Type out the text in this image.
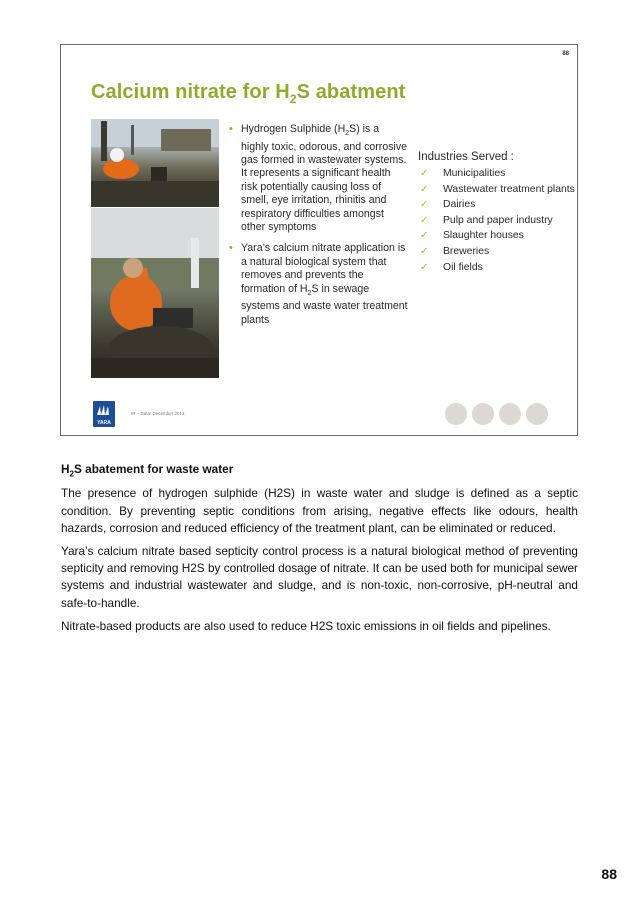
88
Calcium nitrate for $H_2S$ abatment
• Hydrogen Sulphide $(H_2S)$ is a highly toxic, odorous, and corrosive gas formed in wastewater systems. It represents a significant health risk potentially causing loss of smell, eye irritation, rhinitis and respiratory difficulties amongst other symptoms
• Yara’s calcium nitrate application is a natural biological system that removes and prevents the formation of $H_2S$ in sewage systems and waste water treatment plants
Industries Served :
✓ Municipalities
✓ Wastewater treatment plants
✓ Dairies
✓ Pulp and paper industry
✓ Slaughter houses
✓ Breweries
✓ Oil fields
YARA
IR – Data: December 2012
$H_2S$ abatement for waste water

The presence of hydrogen sulphide (H2S) in waste water and sludge is defined as a septic condition. By preventing septic conditions from arising, negative effects like odours, health hazards, corrosion and reduced efficiency of the treatment plant, can be eliminated or reduced.

Yara’s calcium nitrate based septicity control process is a natural biological method of preventing septicity and removing H2S by controlled dosage of nitrate. It can be used both for municipal sewer systems and industrial wastewater and sludge, and is non-toxic, non-corrosive, pH-neutral and safe-to-handle.

Nitrate-based products are also used to reduce H2S toxic emissions in oil fields and pipelines.

88
